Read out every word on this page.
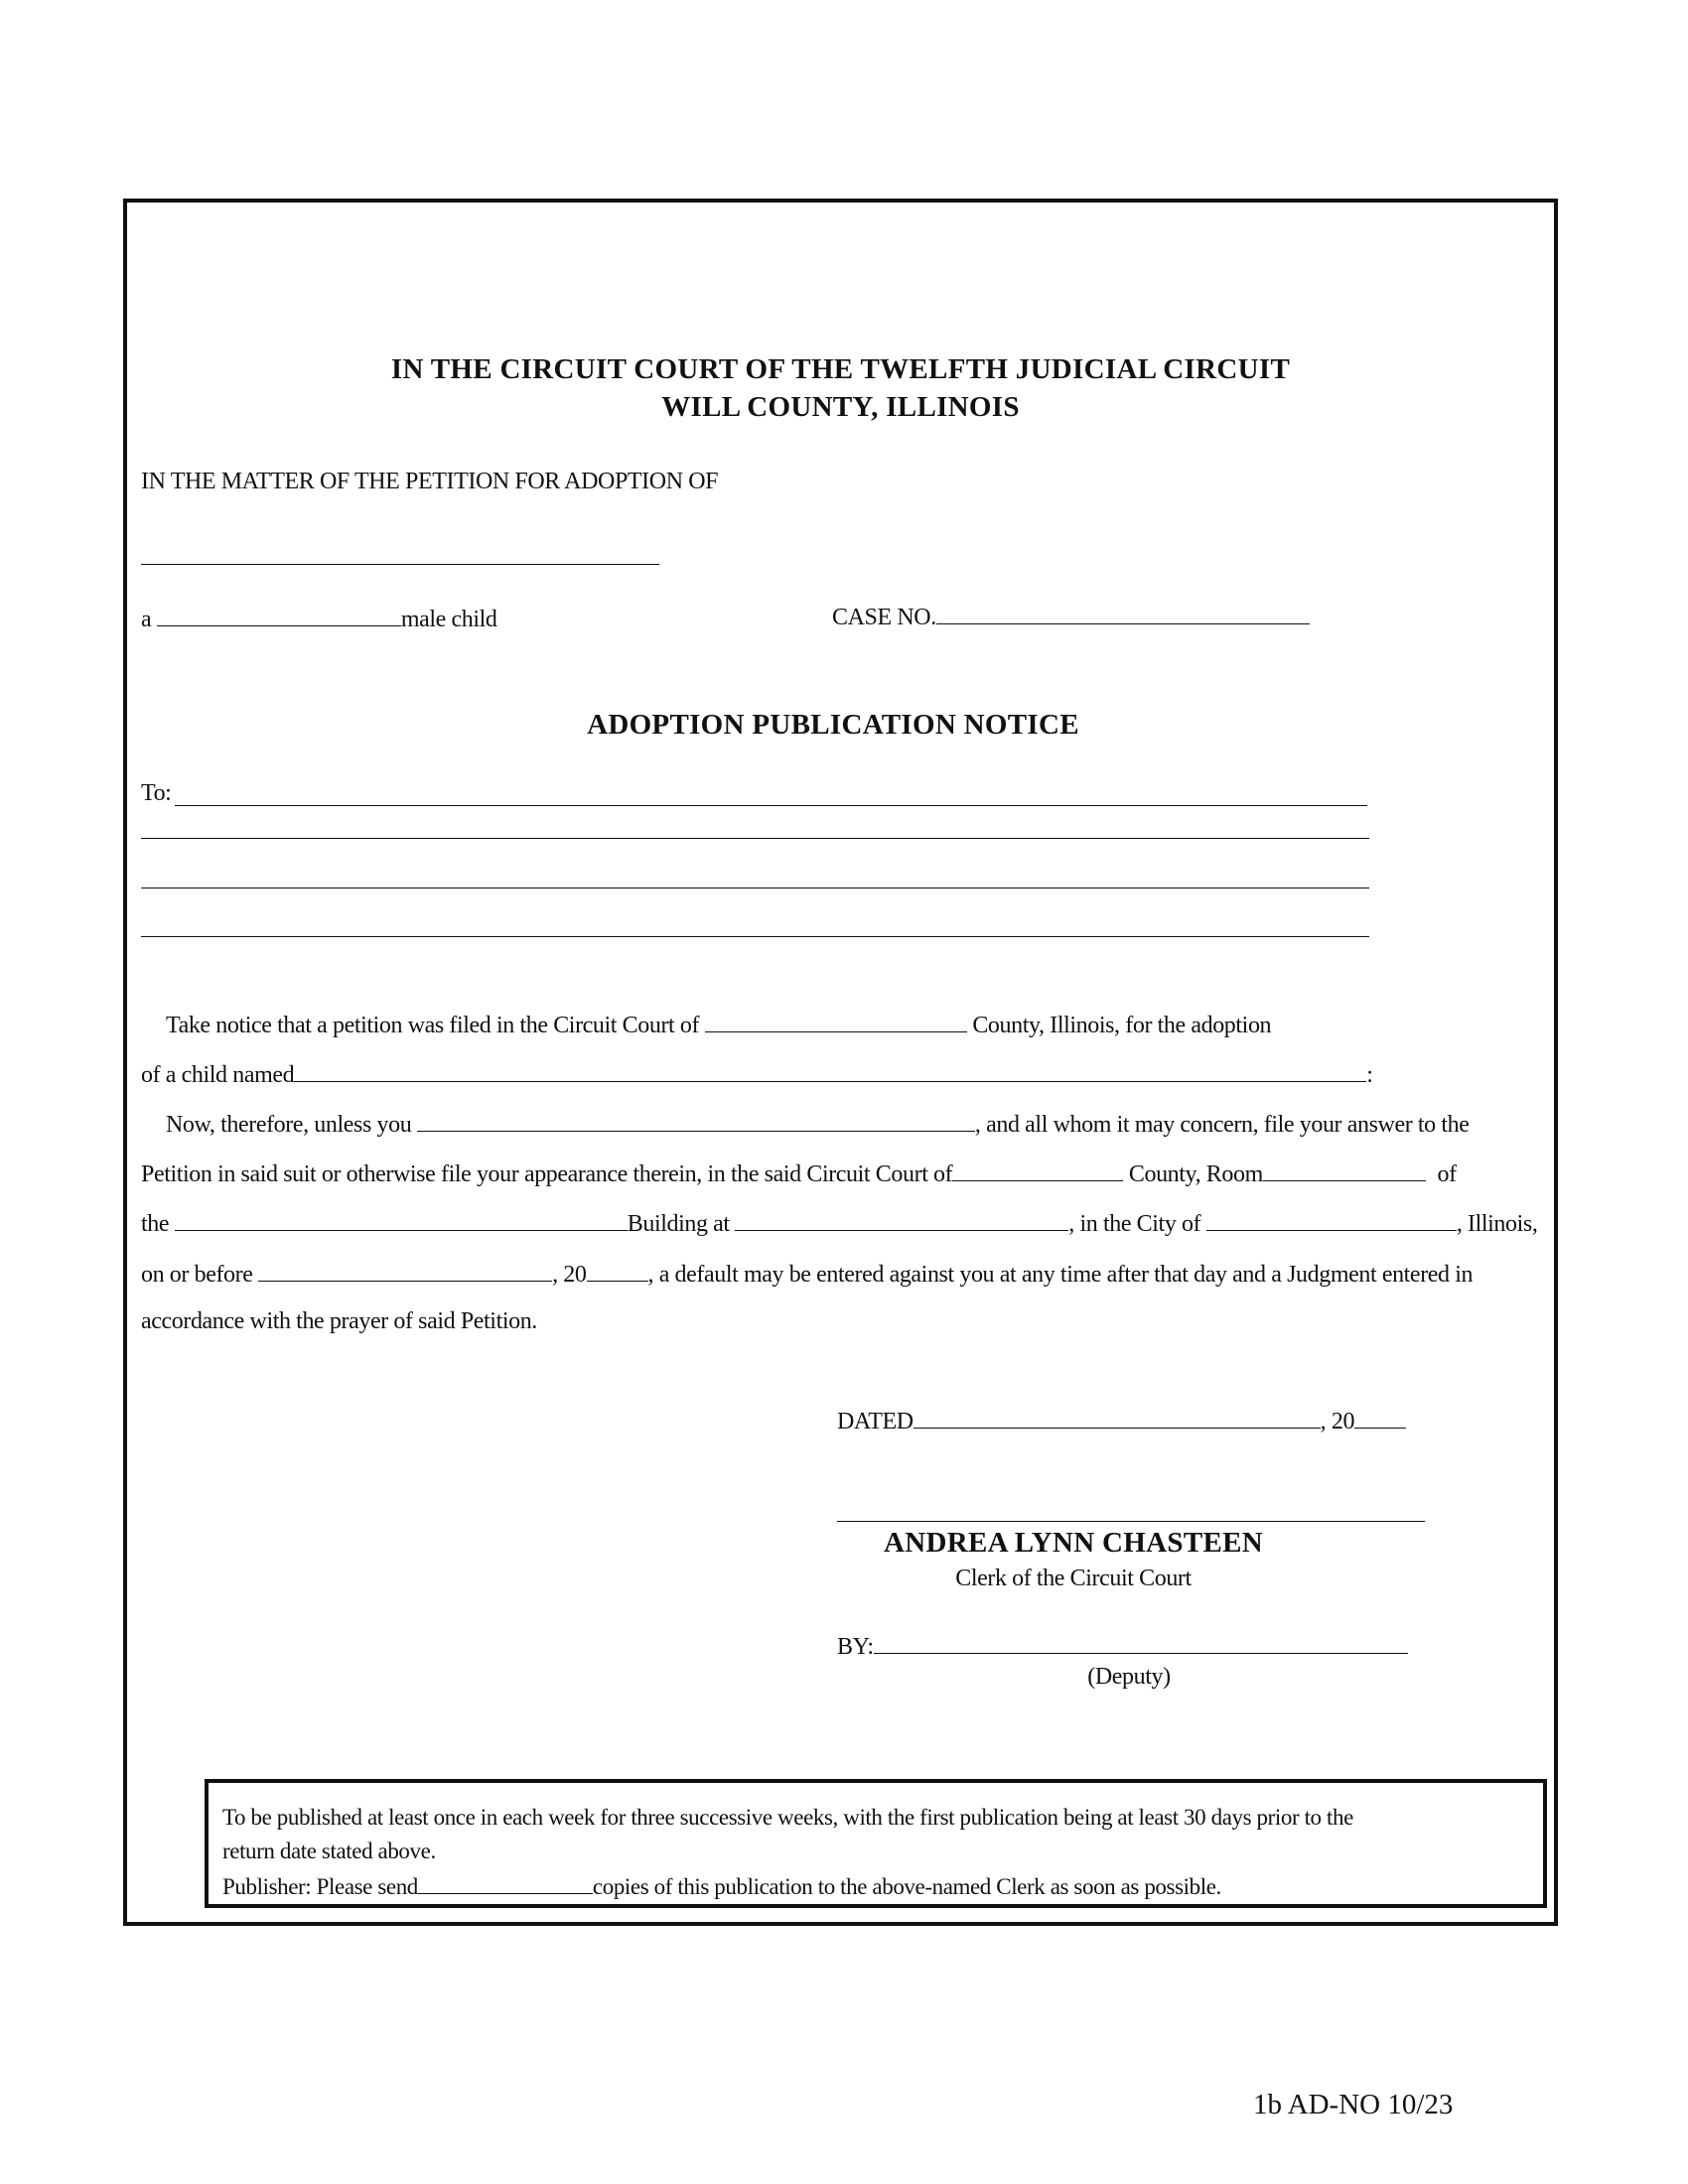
IN THE CIRCUIT COURT OF THE TWELFTH JUDICIAL CIRCUIT
WILL COUNTY, ILLINOIS
IN THE MATTER OF THE PETITION FOR ADOPTION OF
a	male child	CASE NO.
ADOPTION PUBLICATION NOTICE
To:
Take notice that a petition was filed in the Circuit Court of	County, Illinois, for the adoption
of a child named	:
Now, therefore, unless you	, and all whom it may concern, file your answer to the
Petition in said suit or otherwise file your appearance therein, in the said Circuit Court of	County, Room	of
the	Building at	, in the City of	, Illinois,
on or before	, 20	, a default may be entered against you at any time after that day and a Judgment entered in
accordance with the prayer of said Petition.
DATED	, 20
ANDREA LYNN CHASTEEN
Clerk of the Circuit Court
BY:
(Deputy)
To be published at least once in each week for three successive weeks, with the first publication being at least 30 days prior to the
return date stated above.
Publisher: Please send	copies of this publication to the above-named Clerk as soon as possible.
1b AD-NO 10/23
